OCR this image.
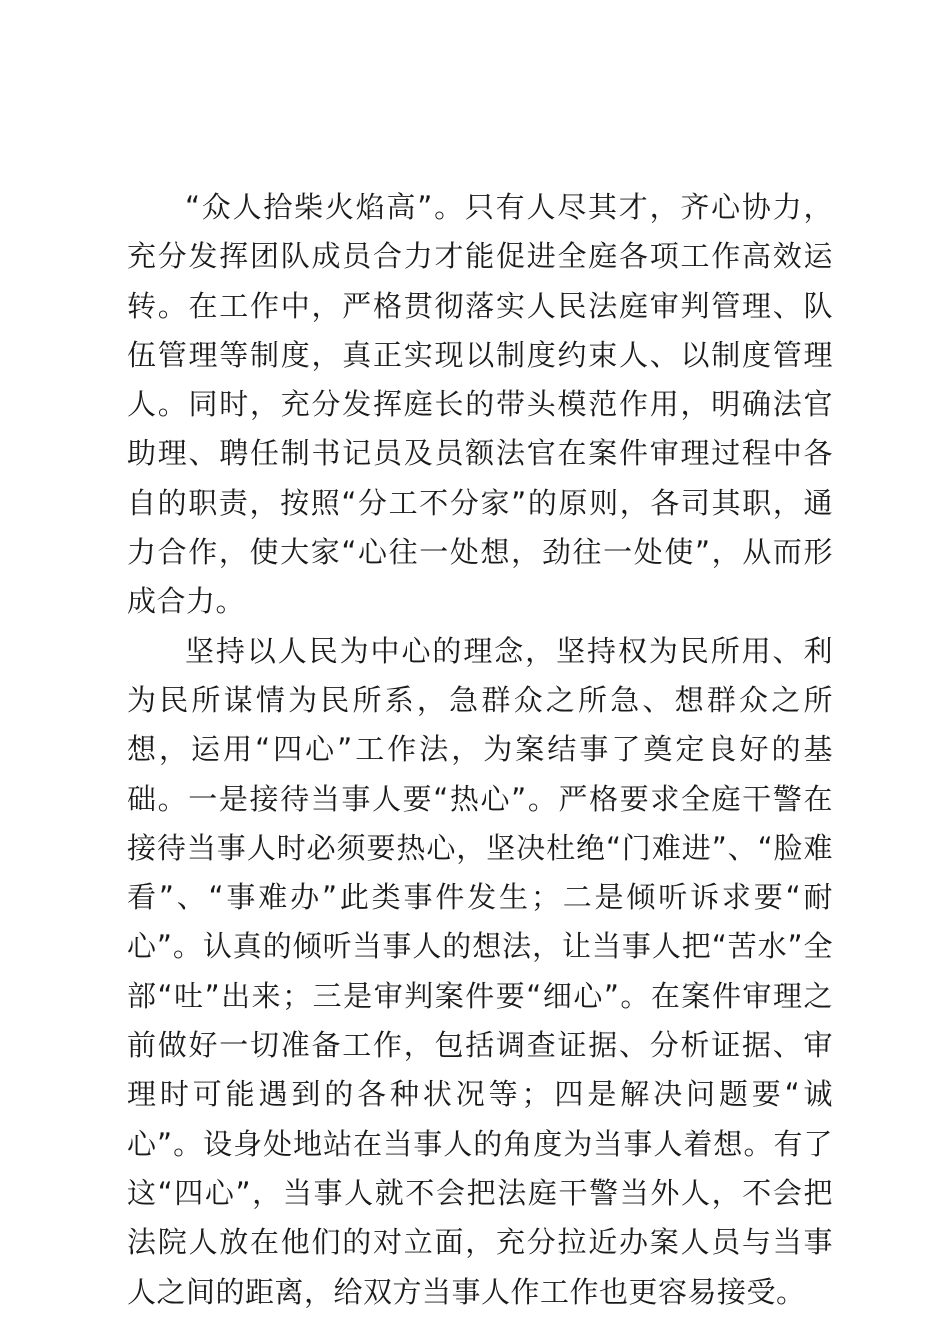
“众人拾柴火焰高”。只有人尽其才，齐心协力，充分发挥团队成员合力才能促进全庭各项工作高效运转。在工作中，严格贯彻落实人民法庭审判管理、队伍管理等制度，真正实现以制度约束人、以制度管理人。同时，充分发挥庭长的带头模范作用，明确法官助理、聘任制书记员及员额法官在案件审理过程中各自的职责，按照“分工不分家”的原则，各司其职，通力合作，使大家“心往一处想，劲往一处使”，从而形成合力。

坚持以人民为中心的理念，坚持权为民所用、利为民所谋情为民所系，急群众之所急、想群众之所想，运用“四心”工作法，为案结事了奠定良好的基础。一是接待当事人要“热心”。严格要求全庭干警在接待当事人时必须要热心，坚决杜绝“门难进”、“脸难看”、“事难办”此类事件发生；二是倾听诉求要“耐心”。认真的倾听当事人的想法，让当事人把“苦水”全部“吐”出来；三是审判案件要“细心”。在案件审理之前做好一切准备工作，包括调查证据、分析证据、审理时可能遇到的各种状况等；四是解决问题要“诚心”。设身处地站在当事人的角度为当事人着想。有了这“四心”，当事人就不会把法庭干警当外人，不会把法院人放在他们的对立面，充分拉近办案人员与当事人之间的距离，给双方当事人作工作也更容易接受。
